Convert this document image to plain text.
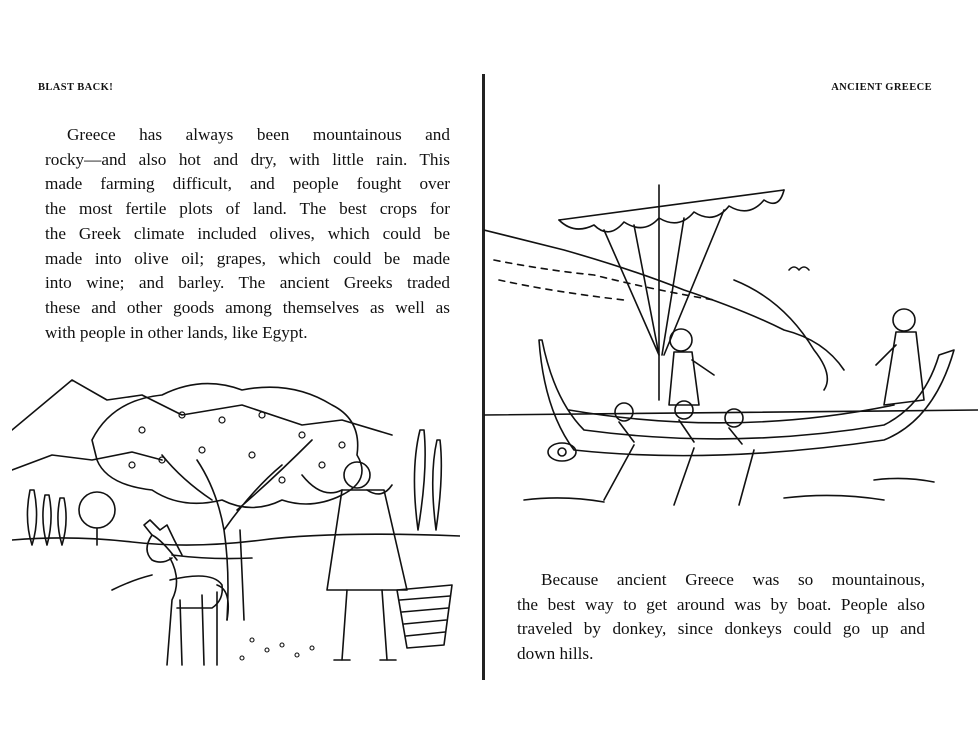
BLAST BACK!
Greece has always been mountainous and
rocky—and also hot and dry, with little rain. This
made farming difficult, and people fought over
the most fertile plots of land. The best crops for
the Greek climate included olives, which could be
made into olive oil; grapes, which could be made
into wine; and barley. The ancient Greeks traded
these and other goods among themselves as well as
with people in other lands, like Egypt.
ANCIENT GREECE
Because ancient Greece was so mountainous,
the best way to get around was by boat. People also
traveled by donkey, since donkeys could go up and
down hills.
